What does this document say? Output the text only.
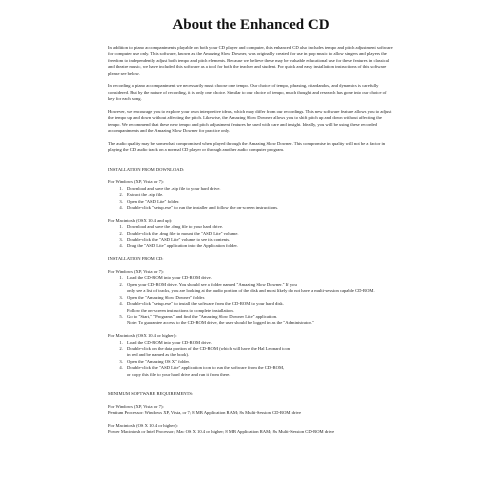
About the Enhanced CD

In addition to piano accompaniments playable on both your CD player and computer, this enhanced CD also includes tempo and pitch adjustment software for computer use only. This software, known as the Amazing Slow Downer, was originally created for use in pop music to allow singers and players the freedom to independently adjust both tempo and pitch elements. Because we believe these may be valuable educational use for these features in classical and theatre music, we have included this software as a tool for both the teacher and student. For quick and easy installation instructions of this software please see below.

In recording a piano accompaniment we necessarily must choose one tempo. Our choice of tempo, phrasing, ritardandos, and dynamics is carefully considered. But by the nature of recording, it is only one choice. Similar to our choice of tempo, much thought and research has gone into our choice of key for each song.

However, we encourage you to explore your own interpretive ideas, which may differ from our recordings. This new software feature allows you to adjust the tempo up and down without affecting the pitch. Likewise, the Amazing Slow Downer allows you to shift pitch up and down without affecting the tempo. We recommend that these new tempo and pitch adjustment features be used with care and insight. Ideally, you will be using these recorded accompaniments and the Amazing Slow Downer for practice only.

The audio quality may be somewhat compromised when played through the Amazing Slow Downer. This compromise in quality will not be a factor in playing the CD audio track on a normal CD player or through another audio computer program.

INSTALLATION FROM DOWNLOAD:

For Windows (XP, Vista or 7):

1. Download and save the .zip file to your hard drive.
2. Extract the .zip file.
3. Open the "ASD Lite" folder.
4. Double-click "setup.exe" to run the installer and follow the on-screen instructions.

For Macintosh (OSX 10.4 and up):

1. Download and save the .dmg file to your hard drive.
2. Double-click the .dmg file to mount the "ASD Lite" volume.
3. Double-click the "ASD Lite" volume to see its contents.
4. Drag the "ASD Lite" application into the Application folder.

INSTALLATION FROM CD:

For Windows (XP, Vista or 7):

1. Load the CD-ROM into your CD-ROM drive.
2. Open your CD-ROM drive. You should see a folder named "Amazing Slow Downer." If you
only see a list of tracks, you are looking at the audio portion of the disk and most likely do not have a multi-session capable CD-ROM.
3. Open the "Amazing Slow Downer" folder.
4. Double-click "setup.exe" to install the software from the CD-ROM to your hard disk.
Follow the on-screen instructions to complete installation.
5. Go to "Start," "Programs" and find the "Amazing Slow Downer Lite" application.
Note: To guarantee access to the CD-ROM drive, the user should be logged in as the "Administrator."

For Macintosh (OSX 10.4 or higher):

1. Load the CD-ROM into your CD-ROM drive.
2. Double-click on the data portion of the CD-ROM (which will have the Hal Leonard icon
in red and be named as the book).
3. Open the "Amazing OS X" folder.
4. Double-click the "ASD Lite" application icon to run the software from the CD-ROM,
or copy this file to your hard drive and run it from there.

MINIMUM SOFTWARE REQUIREMENTS:

For Windows (XP, Vista or 7):

Pentium Processor: Windows XP, Vista, or 7; 8 MB Application RAM; 8x Multi-Session CD-ROM drive

For Macintosh (OS X 10.4 or higher):

Power Macintosh or Intel Processor; Mac OS X 10.4 or higher; 8 MB Application RAM; 8x Multi-Session CD-ROM drive
